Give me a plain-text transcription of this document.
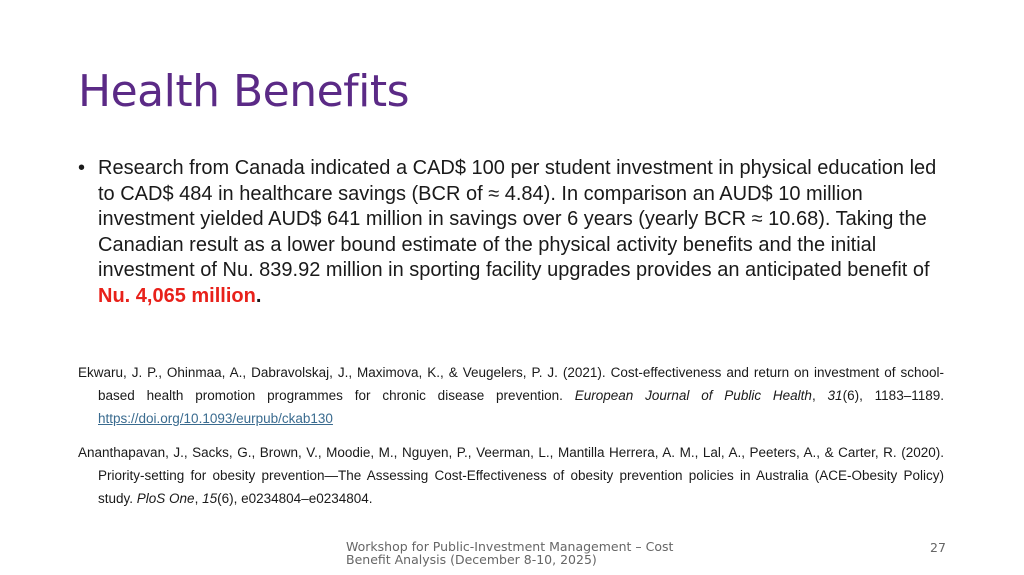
Health Benefits
• Research from Canada indicated a CAD$ 100 per student investment in physical education led to CAD$ 484 in healthcare savings (BCR of ≈ 4.84). In comparison an AUD$ 10 million investment yielded AUD$ 641 million in savings over 6 years (yearly BCR ≈ 10.68). Taking the Canadian result as a lower bound estimate of the physical activity benefits and the initial investment of Nu. 839.92 million in sporting facility upgrades provides an anticipated benefit of Nu. 4,065 million.

Ekwaru, J. P., Ohinmaa, A., Dabravolskaj, J., Maximova, K., & Veugelers, P. J. (2021). Cost-effectiveness and return on investment of school-based health promotion programmes for chronic disease prevention. European Journal of Public Health, 31(6), 1183–1189. https://doi.org/10.1093/eurpub/ckab130

Ananthapavan, J., Sacks, G., Brown, V., Moodie, M., Nguyen, P., Veerman, L., Mantilla Herrera, A. M., Lal, A., Peeters, A., & Carter, R. (2020). Priority-setting for obesity prevention—The Assessing Cost-Effectiveness of obesity prevention policies in Australia (ACE-Obesity Policy) study. PloS One, 15(6), e0234804–e0234804.

Workshop for Public-Investment Management – Cost Benefit Analysis (December 8-10, 2025)
27
